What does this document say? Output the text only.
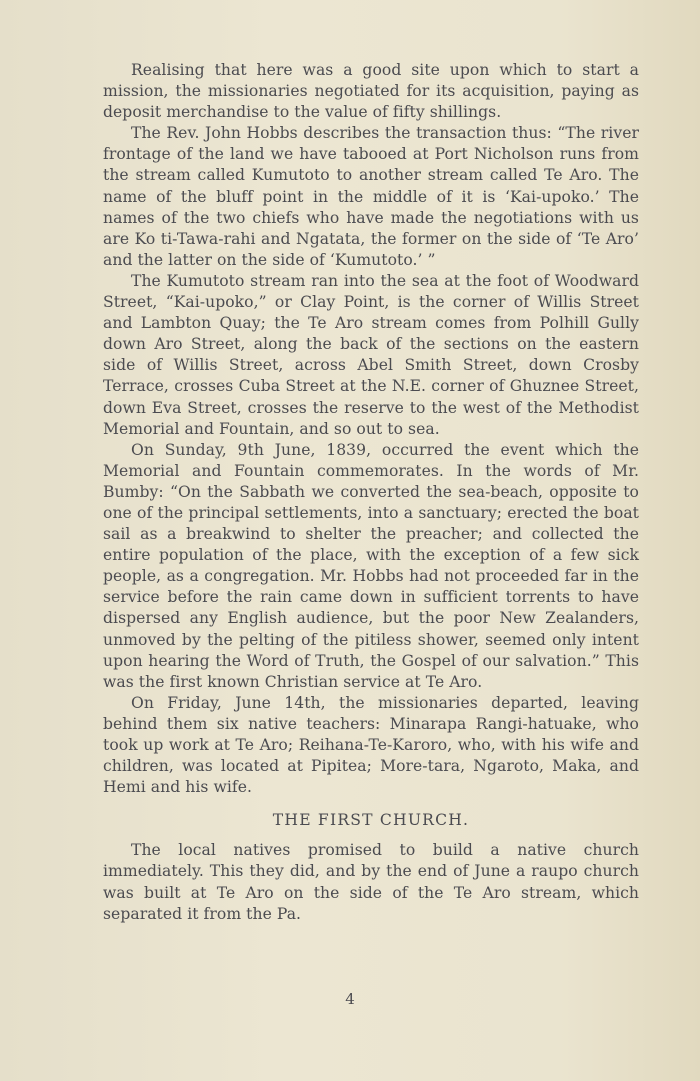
Realising that here was a good site upon which to start a mission, the missionaries negotiated for its acquisition, paying as deposit merchandise to the value of fifty shillings.

The Rev. John Hobbs describes the transaction thus: “The river frontage of the land we have tabooed at Port Nicholson runs from the stream called Kumutoto to another stream called Te Aro. The name of the bluff point in the middle of it is ‘Kai-upoko.’ The names of the two chiefs who have made the negotiations with us are Ko ti-Tawa-rahi and Ngatata, the former on the side of ‘Te Aro’ and the latter on the side of ‘Kumutoto.’ ”

The Kumutoto stream ran into the sea at the foot of Woodward Street, “Kai-upoko,” or Clay Point, is the corner of Willis Street and Lambton Quay; the Te Aro stream comes from Polhill Gully down Aro Street, along the back of the sections on the eastern side of Willis Street, across Abel Smith Street, down Crosby Terrace, crosses Cuba Street at the N.E. corner of Ghuznee Street, down Eva Street, crosses the reserve to the west of the Methodist Memorial and Fountain, and so out to sea.

On Sunday, 9th June, 1839, occurred the event which the Memorial and Fountain commemorates. In the words of Mr. Bumby: “On the Sabbath we converted the sea-beach, opposite to one of the principal settlements, into a sanctuary; erected the boat sail as a breakwind to shelter the preacher; and collected the entire population of the place, with the exception of a few sick people, as a congregation. Mr. Hobbs had not proceeded far in the service before the rain came down in sufficient torrents to have dispersed any English audience, but the poor New Zealanders, unmoved by the pelting of the pitiless shower, seemed only intent upon hearing the Word of Truth, the Gospel of our salvation.” This was the first known Christian service at Te Aro.

On Friday, June 14th, the missionaries departed, leaving behind them six native teachers: Minarapa Rangi-hatuake, who took up work at Te Aro; Reihana-Te-Karoro, who, with his wife and children, was located at Pipitea; More-tara, Ngaroto, Maka, and Hemi and his wife.

THE FIRST CHURCH.

The local natives promised to build a native church immediately. This they did, and by the end of June a raupo church was built at Te Aro on the side of the Te Aro stream, which separated it from the Pa.

4
